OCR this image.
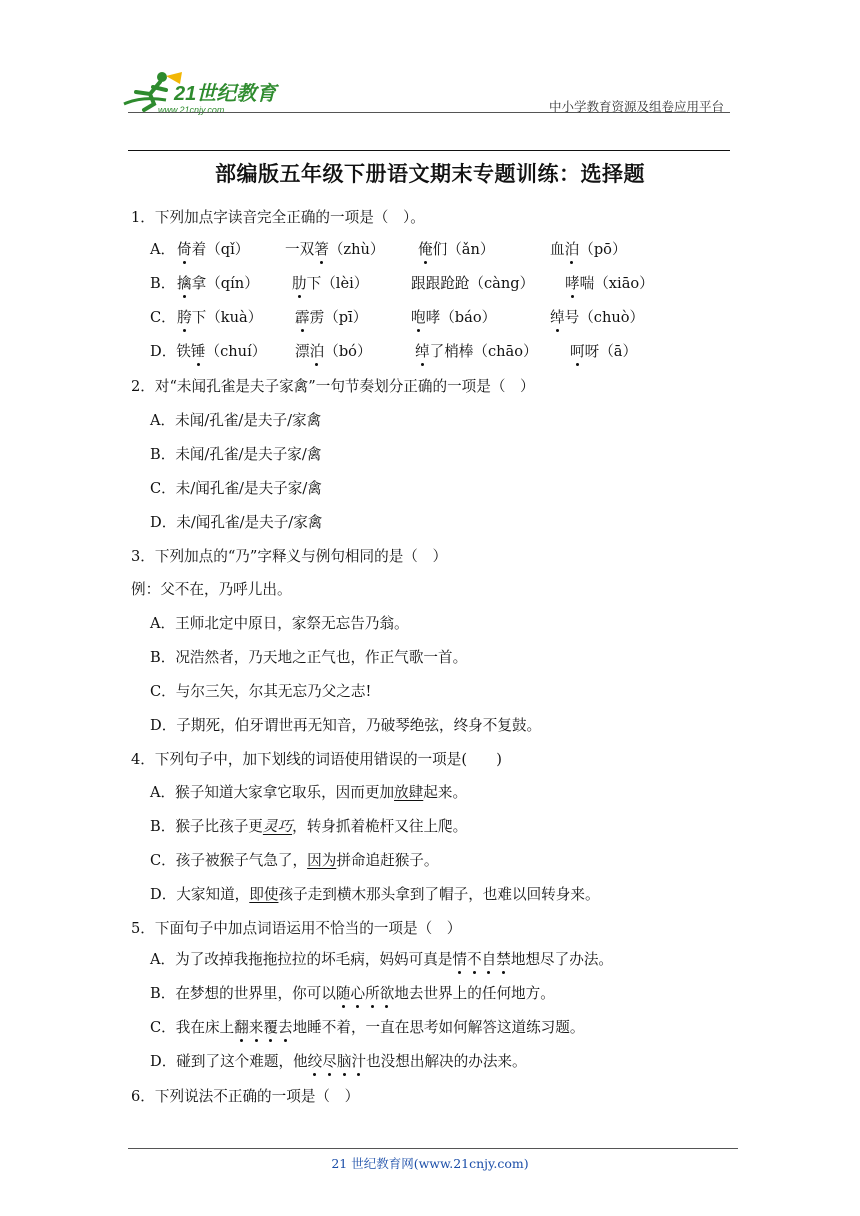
21世纪教育
www.21cnjy.com	中小学教育资源及组卷应用平台
部编版五年级下册语文期末专题训练：选择题
1．下列加点字读音完全正确的一项是（　）。
A． 倚着（qǐ） 一双箸（zhù） 俺们（ǎn）	血泊（pō）
B． 擒拿（qín） 肋下（lèi）	跟跟跄跄（càng） 哮喘（xiāo）
C． 胯下（kuà） 霹雳（pī）	咆哮（báo）	绰号（chuò）
D．铁锤（chuí） 漂泊（bó）	绰了梢棒（chāo） 呵呀（ā）
2．对“未闻孔雀是夫子家禽”一句节奏划分正确的一项是（　）
A．未闻/孔雀/是夫子/家禽
B．未闻/孔雀/是夫子家/禽
C．未/闻孔雀/是夫子家/禽
D．未/闻孔雀/是夫子/家禽
3．下列加点的“乃”字释义与例句相同的是（　）
例：父不在，乃呼儿出。
A．王师北定中原日，家祭无忘告乃翁。
B．况浩然者，乃天地之正气也，作正气歌一首。
C．与尔三矢，尔其无忘乃父之志!
D．子期死，伯牙谓世再无知音，乃破琴绝弦，终身不复鼓。
4．下列句子中，加下划线的词语使用错误的一项是(　　)
A．猴子知道大家拿它取乐，因而更加放肆起来。
B．猴子比孩子更灵巧，转身抓着桅杆又往上爬。
C．孩子被猴子气急了，因为拼命追赶猴子。
D．大家知道，即使孩子走到横木那头拿到了帽子，也难以回转身来。
5．下面句子中加点词语运用不恰当的一项是（　）
A．为了改掉我拖拖拉拉的坏毛病，妈妈可真是情不自禁地想尽了办法。
B．在梦想的世界里，你可以随心所欲地去世界上的任何地方。
C．我在床上翻来覆去地睡不着，一直在思考如何解答这道练习题。
D．碰到了这个难题，他绞尽脑汁也没想出解决的办法来。
6．下列说法不正确的一项是（　）
21 世纪教育网(www.21cnjy.com)
